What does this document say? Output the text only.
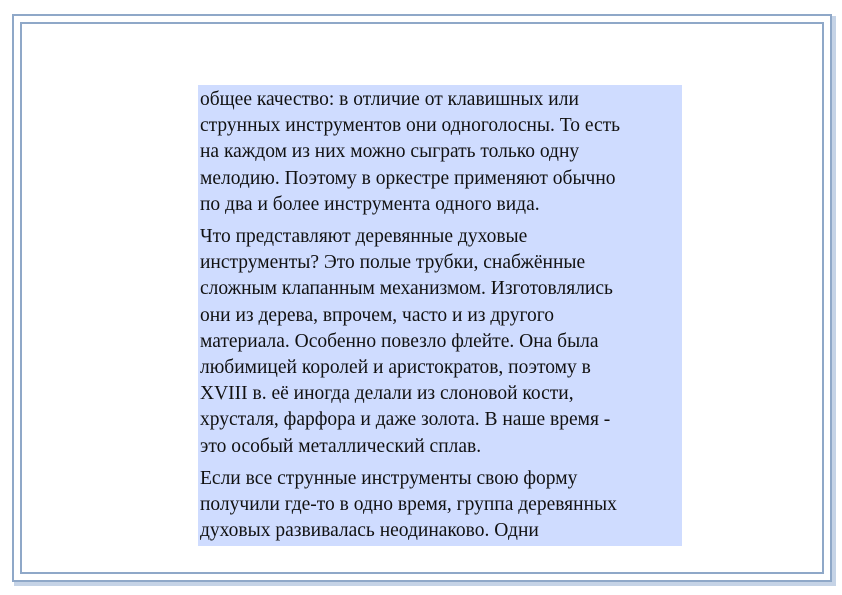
общее качество: в отличие от клавишных или
струнных инструментов они одноголосны. То есть
на каждом из них можно сыграть только одну
мелодию. Поэтому в оркестре применяют обычно
по два и более инструмента одного вида.

Что представляют деревянные духовые
инструменты? Это полые трубки, снабжённые
сложным клапанным механизмом. Изготовлялись
они из дерева, впрочем, часто и из другого
материала. Особенно повезло флейте. Она была
любимицей королей и аристократов, поэтому в
XVIII в. её иногда делали из слоновой кости,
хрусталя, фарфора и даже золота. В наше время -
это особый металлический сплав.

Если все струнные инструменты свою форму
получили где-то в одно время, группа деревянных
духовых развивалась неодинаково. Одни
